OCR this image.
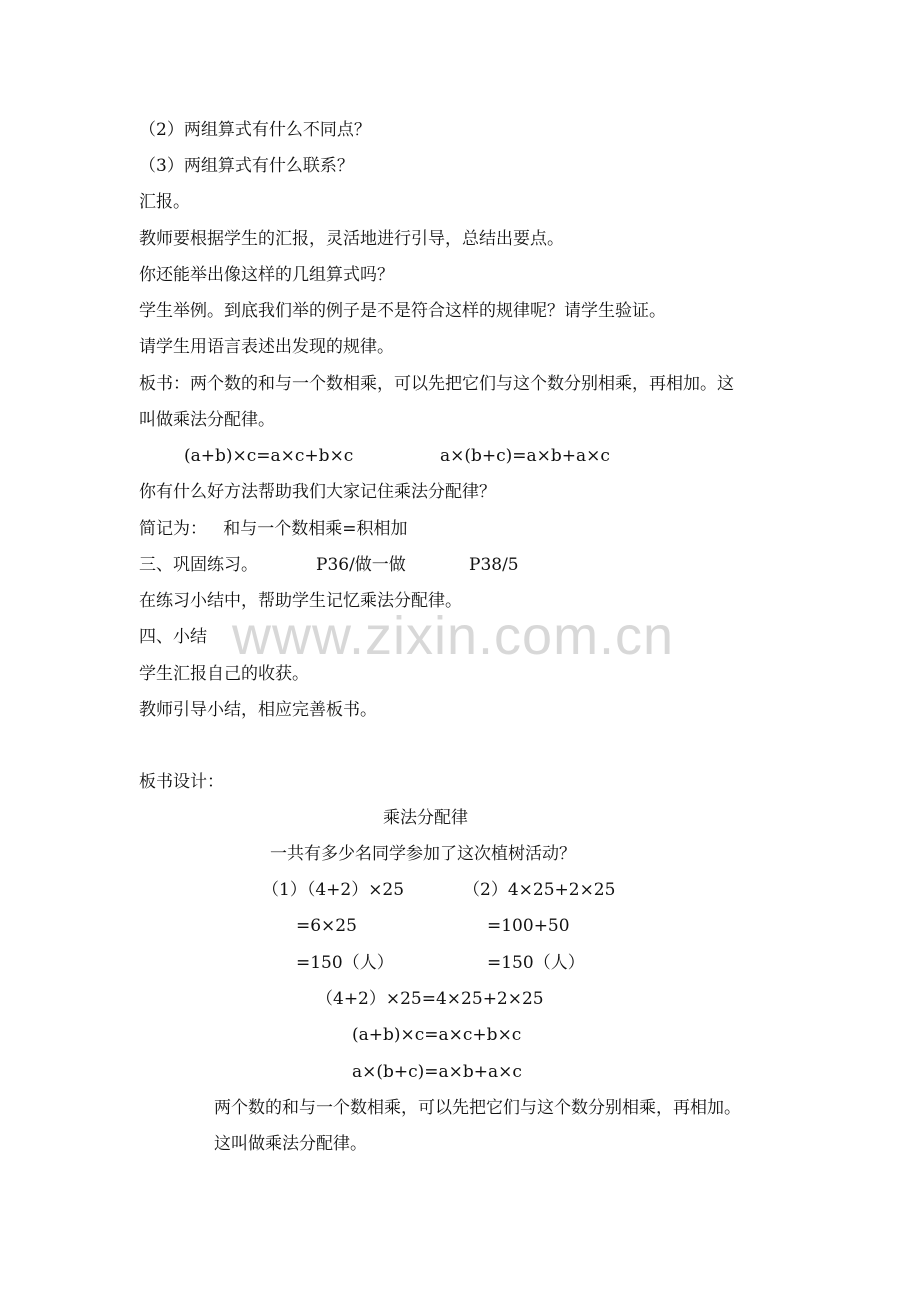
（2）两组算式有什么不同点？
（3）两组算式有什么联系？
汇报。
教师要根据学生的汇报，灵活地进行引导，总结出要点。
你还能举出像这样的几组算式吗？
学生举例。到底我们举的例子是不是符合这样的规律呢？请学生验证。
请学生用语言表述出发现的规律。
板书：两个数的和与一个数相乘，可以先把它们与这个数分别相乘，再相加。这
叫做乘法分配律。
(a+b)×c=a×c+b×c	a×(b+c)=a×b+a×c
你有什么好方法帮助我们大家记住乘法分配律？
简记为：   和与一个数相乘=积相加
三、巩固练习。	P36/做一做	P38/5
在练习小结中，帮助学生记忆乘法分配律。
四、小结
学生汇报自己的收获。
教师引导小结，相应完善板书。
板书设计：
乘法分配律
一共有多少名同学参加了这次植树活动？
（1）（4+2）×25	（2）4×25+2×25
=6×25	=100+50
=150（人）	=150（人）
（4+2）×25=4×25+2×25
(a+b)×c=a×c+b×c
a×(b+c)=a×b+a×c
两个数的和与一个数相乘，可以先把它们与这个数分别相乘，再相加。
这叫做乘法分配律。
www.zixin.com.cn
